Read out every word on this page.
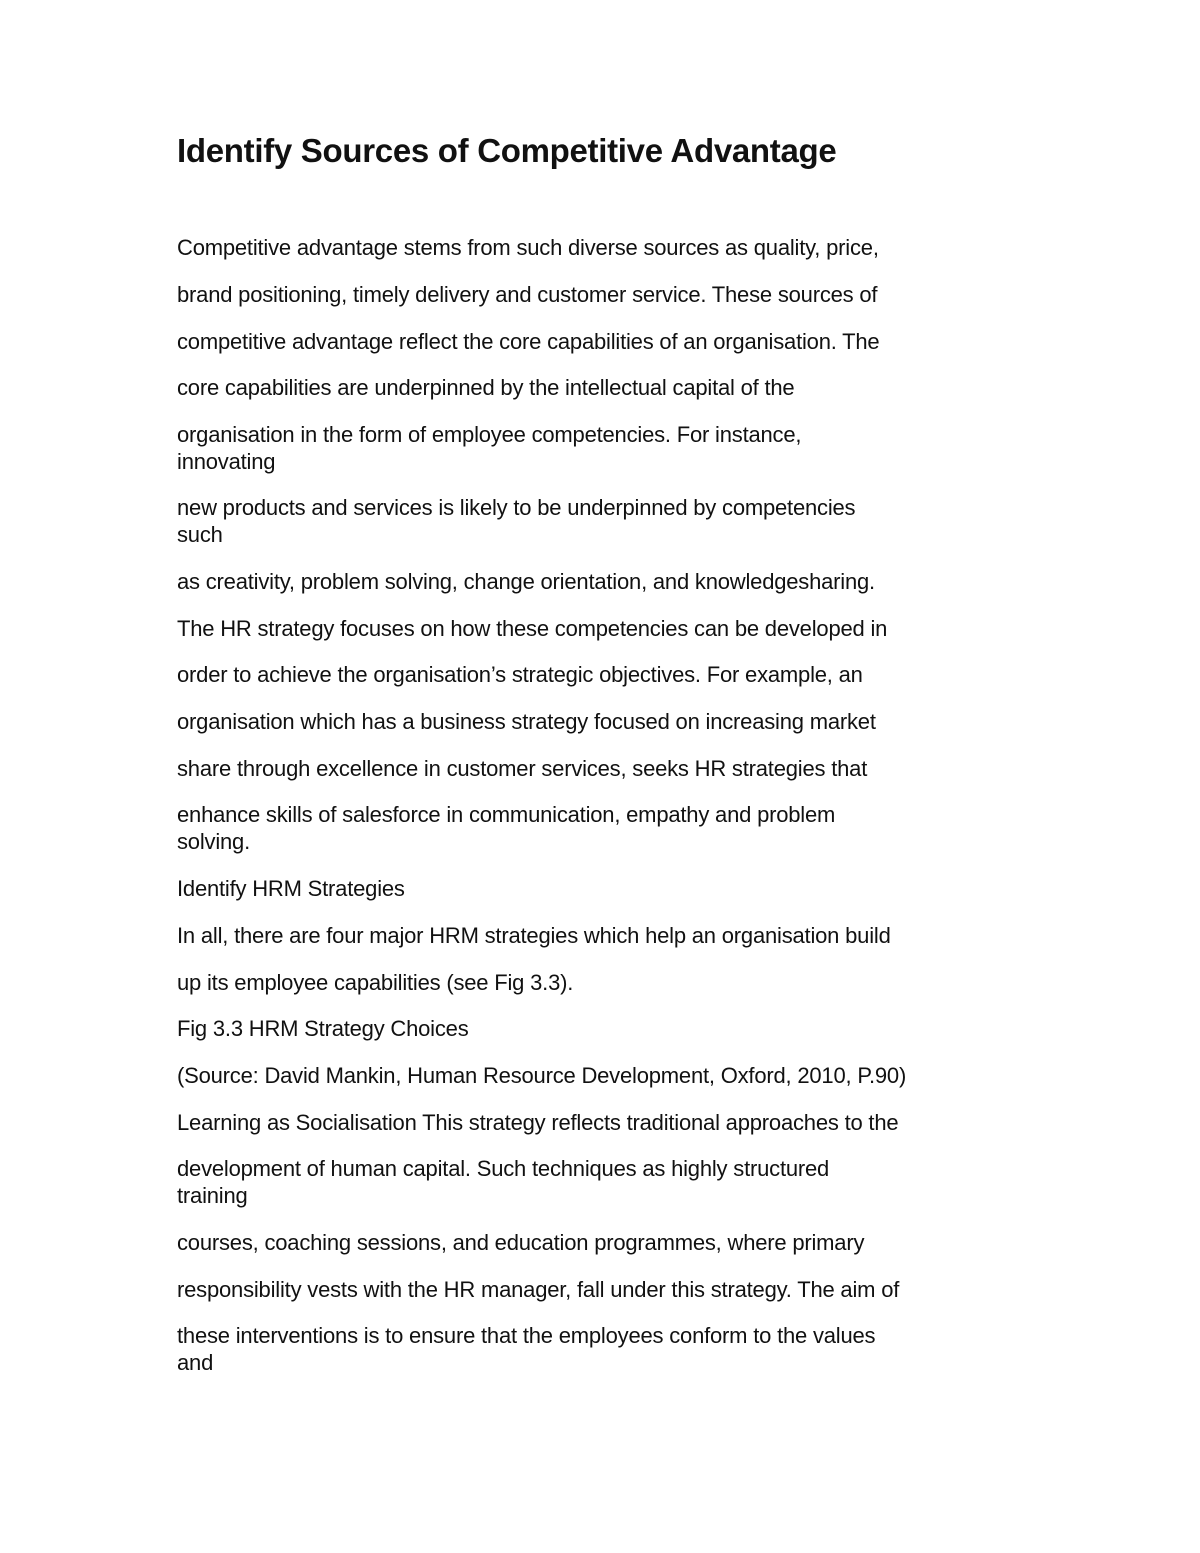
Identify Sources of Competitive Advantage

Competitive advantage stems from such diverse sources as quality, price,

brand positioning, timely delivery and customer service. These sources of

competitive advantage reflect the core capabilities of an organisation. The

core capabilities are underpinned by the intellectual capital of the

organisation in the form of employee competencies. For instance,
innovating

new products and services is likely to be underpinned by competencies
such

as creativity, problem solving, change orientation, and knowledgesharing.

The HR strategy focuses on how these competencies can be developed in

order to achieve the organisation’s strategic objectives. For example, an

organisation which has a business strategy focused on increasing market

share through excellence in customer services, seeks HR strategies that

enhance skills of salesforce in communication, empathy and problem
solving.

Identify HRM Strategies

In all, there are four major HRM strategies which help an organisation build

up its employee capabilities (see Fig 3.3).

Fig 3.3 HRM Strategy Choices

(Source: David Mankin, Human Resource Development, Oxford, 2010, P.90)

Learning as Socialisation This strategy reflects traditional approaches to the

development of human capital. Such techniques as highly structured
training

courses, coaching sessions, and education programmes, where primary

responsibility vests with the HR manager, fall under this strategy. The aim of

these interventions is to ensure that the employees conform to the values
and
